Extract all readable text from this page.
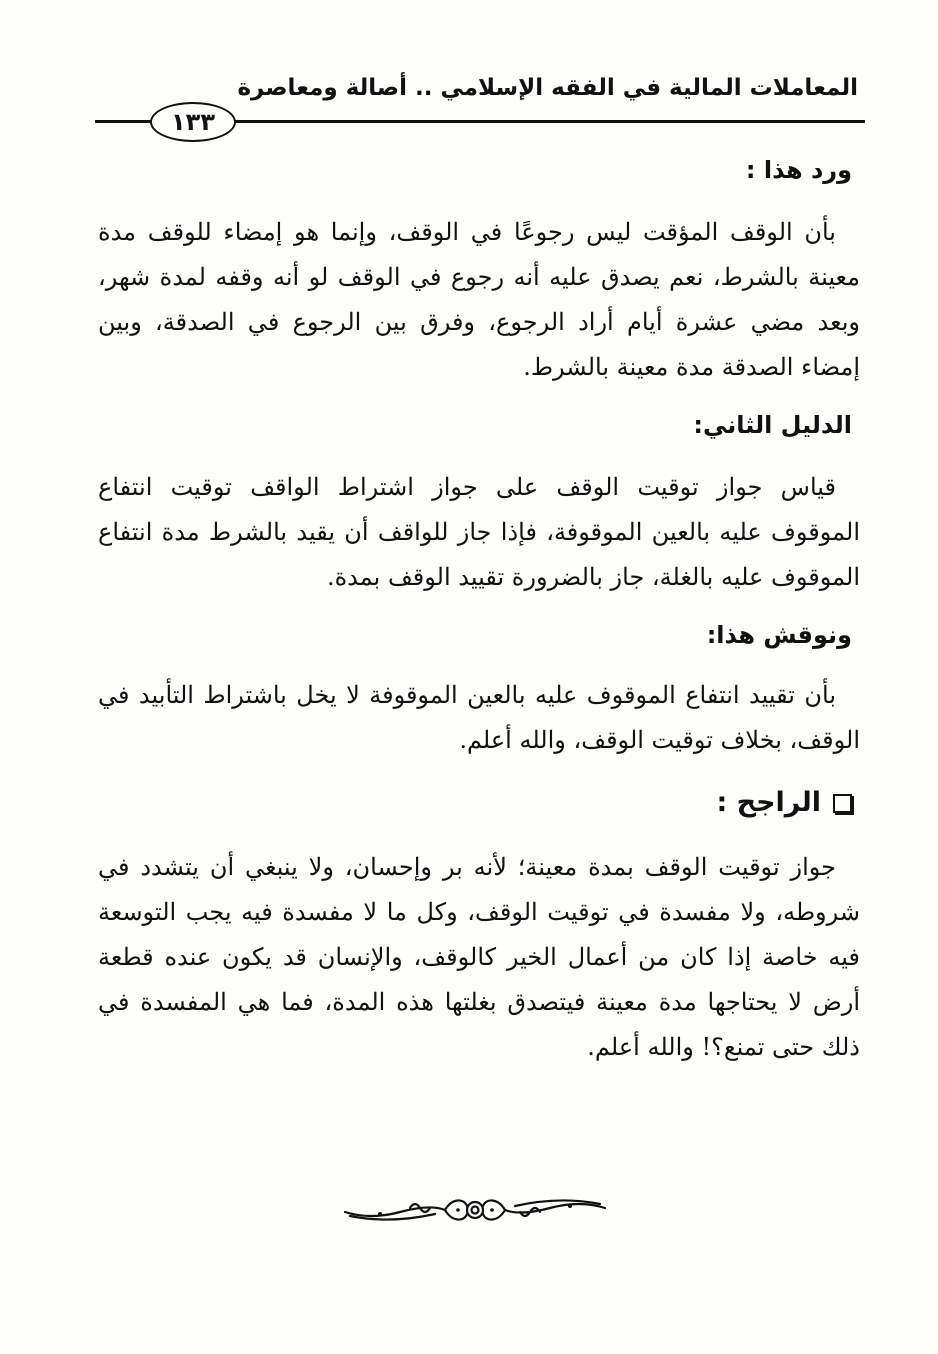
المعاملات المالية في الفقه الإسلامي .. أصالة ومعاصرة
١٣٣
ورد هذا :

بأن الوقف المؤقت ليس رجوعًا في الوقف، وإنما هو إمضاء للوقف مدة معينة بالشرط، نعم يصدق عليه أنه رجوع في الوقف لو أنه وقفه لمدة شهر، وبعد مضي عشرة أيام أراد الرجوع، وفرق بين الرجوع في الصدقة، وبين إمضاء الصدقة مدة معينة بالشرط.

الدليل الثاني:

قياس جواز توقيت الوقف على جواز اشتراط الواقف توقيت انتفاع الموقوف عليه بالعين الموقوفة، فإذا جاز للواقف أن يقيد بالشرط مدة انتفاع الموقوف عليه بالغلة، جاز بالضرورة تقييد الوقف بمدة.

ونوقش هذا:

بأن تقييد انتفاع الموقوف عليه بالعين الموقوفة لا يخل باشتراط التأبيد في الوقف، بخلاف توقيت الوقف، والله أعلم.

الراجح :

جواز توقيت الوقف بمدة معينة؛ لأنه بر وإحسان، ولا ينبغي أن يتشدد في شروطه، ولا مفسدة في توقيت الوقف، وكل ما لا مفسدة فيه يجب التوسعة فيه خاصة إذا كان من أعمال الخير كالوقف، والإنسان قد يكون عنده قطعة أرض لا يحتاجها مدة معينة فيتصدق بغلتها هذه المدة، فما هي المفسدة في ذلك حتى تمنع؟! والله أعلم.
